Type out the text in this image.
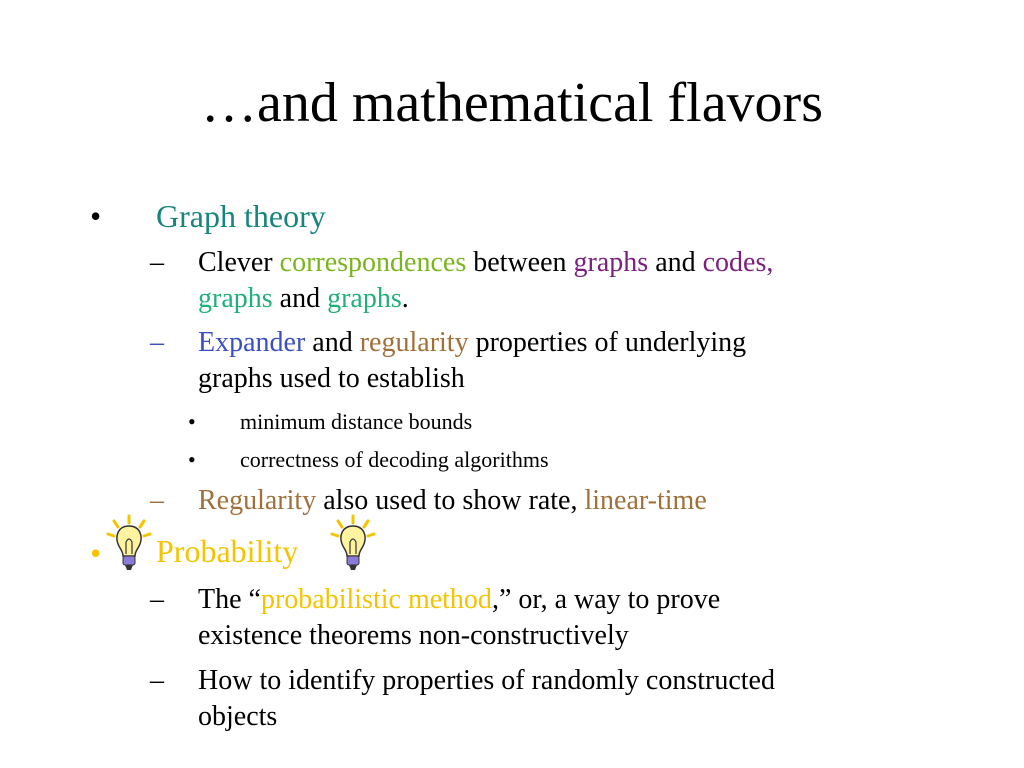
…and mathematical flavors
• Graph theory
– Clever correspondences between graphs and codes,
graphs and graphs.
– Expander and regularity properties of underlying
graphs used to establish
• minimum distance bounds
• correctness of decoding algorithms
– Regularity also used to show rate, linear-time
• Probability
– The “probabilistic method,” or, a way to prove
existence theorems non-constructively
– How to identify properties of randomly constructed
objects
